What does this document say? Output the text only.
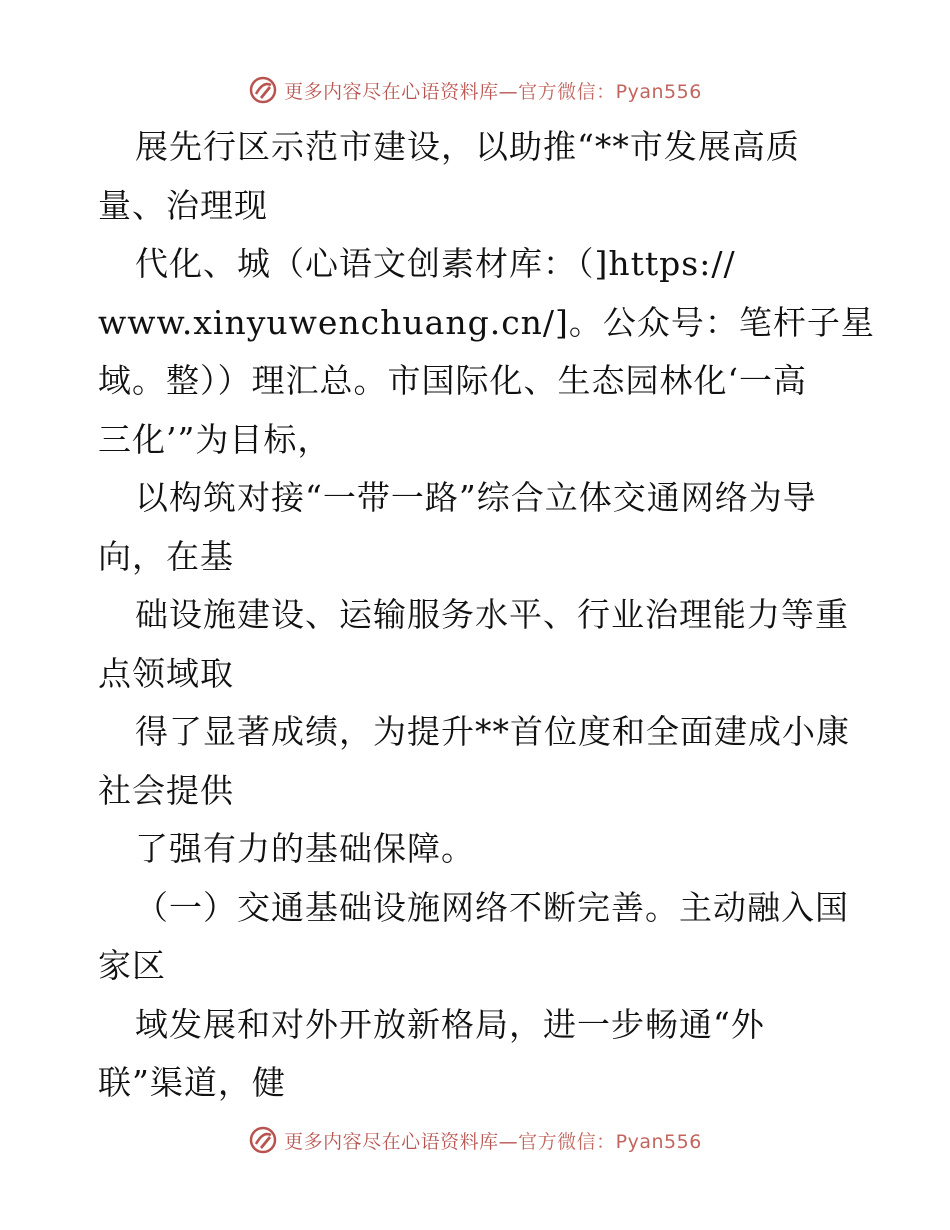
更多内容尽在心语资料库—官方微信：Pyan556
展先行区示范市建设，以助推“**市发展高质
量、治理现
代化、城（心语文创素材库：（]https://
www.xinyuwenchuang.cn/]。公众号：笔杆子星
域。整））理汇总。市国际化、生态园林化‘一高
三化’”为目标，
以构筑对接“一带一路”综合立体交通网络为导
向，在基
础设施建设、运输服务水平、行业治理能力等重
点领域取
得了显著成绩，为提升**首位度和全面建成小康
社会提供
了强有力的基础保障。
（一）交通基础设施网络不断完善。主动融入国
家区
域发展和对外开放新格局，进一步畅通“外
联”渠道，健
更多内容尽在心语资料库—官方微信：Pyan556
